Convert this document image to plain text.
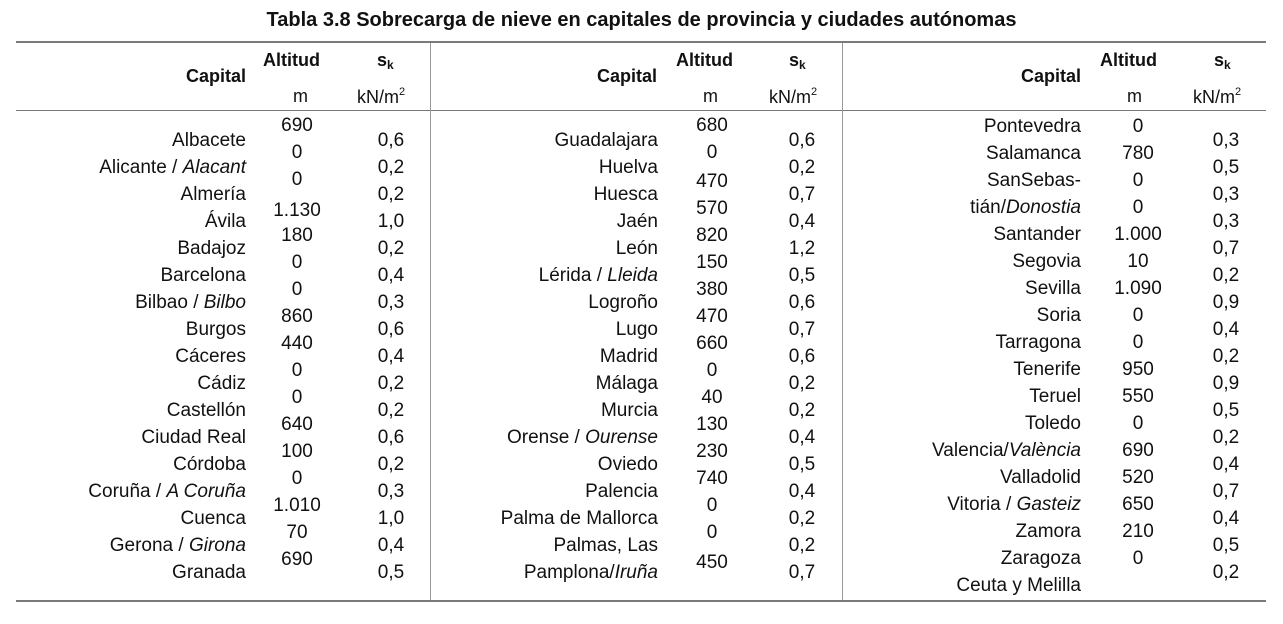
Tabla 3.8 Sobrecarga de nieve en capitales de provincia y ciudades autónomas
Capital
Altitud
m
$s_k$
$kN/m^2$
Capital
Altitud
m
$s_k$
$kN/m^2$
Capital
Altitud
m
$s_k$
$kN/m^2$
Albacete
Alicante / Alacant
Almería
Ávila
Badajoz
Barcelona
Bilbao / Bilbo
Burgos
Cáceres
Cádiz
Castellón
Ciudad Real
Córdoba
Coruña / A Coruña
Cuenca
Gerona / Girona
Granada
690
0
0
1.130
180
0
0
860
440
0
0
640
100
0
1.010
70
690
0,6
0,2
0,2
1,0
0,2
0,4
0,3
0,6
0,4
0,2
0,2
0,6
0,2
0,3
1,0
0,4
0,5
Guadalajara
Huelva
Huesca
Jaén
León
Lérida / Lleida
Logroño
Lugo
Madrid
Málaga
Murcia
Orense / Ourense
Oviedo
Palencia
Palma de Mallorca
Palmas, Las
Pamplona/Iruña
680
0
470
570
820
150
380
470
660
0
40
130
230
740
0
0
450
0,6
0,2
0,7
0,4
1,2
0,5
0,6
0,7
0,6
0,2
0,2
0,4
0,5
0,4
0,2
0,2
0,7
Pontevedra
Salamanca
SanSebas-
tián/Donostia
Santander
Segovia
Sevilla
Soria
Tarragona
Tenerife
Teruel
Toledo
Valencia/València
Valladolid
Vitoria / Gasteiz
Zamora
Zaragoza
Ceuta y Melilla
0
780
0
0
1.000
10
1.090
0
0
950
550
0
690
520
650
210
0
0,3
0,5
0,3
0,3
0,7
0,2
0,9
0,4
0,2
0,9
0,5
0,2
0,4
0,7
0,4
0,5
0,2
